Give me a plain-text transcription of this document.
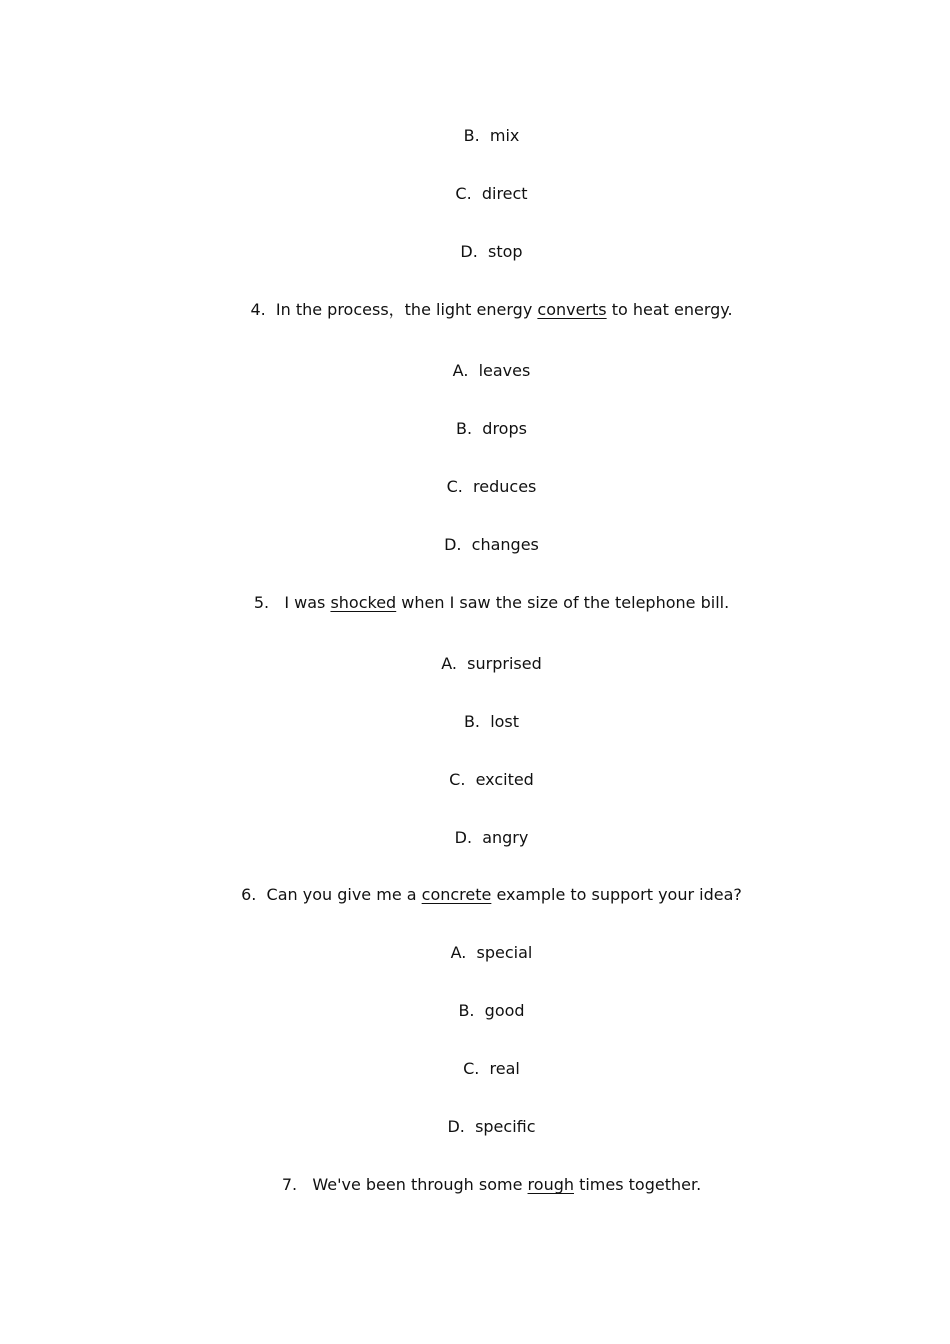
B.  mix
C.  direct
D.  stop
4.  In the process，the light energy converts to heat energy.
A.  leaves
B.  drops
C.  reduces
D.  changes
5.   I was shocked when I saw the size of the telephone bill.
A.  surprised
B.  lost
C.  excited
D.  angry
6.  Can you give me a concrete example to support your idea?
A.  special
B.  good
C.  real
D.  specific
7.   We've been through some rough times together.
